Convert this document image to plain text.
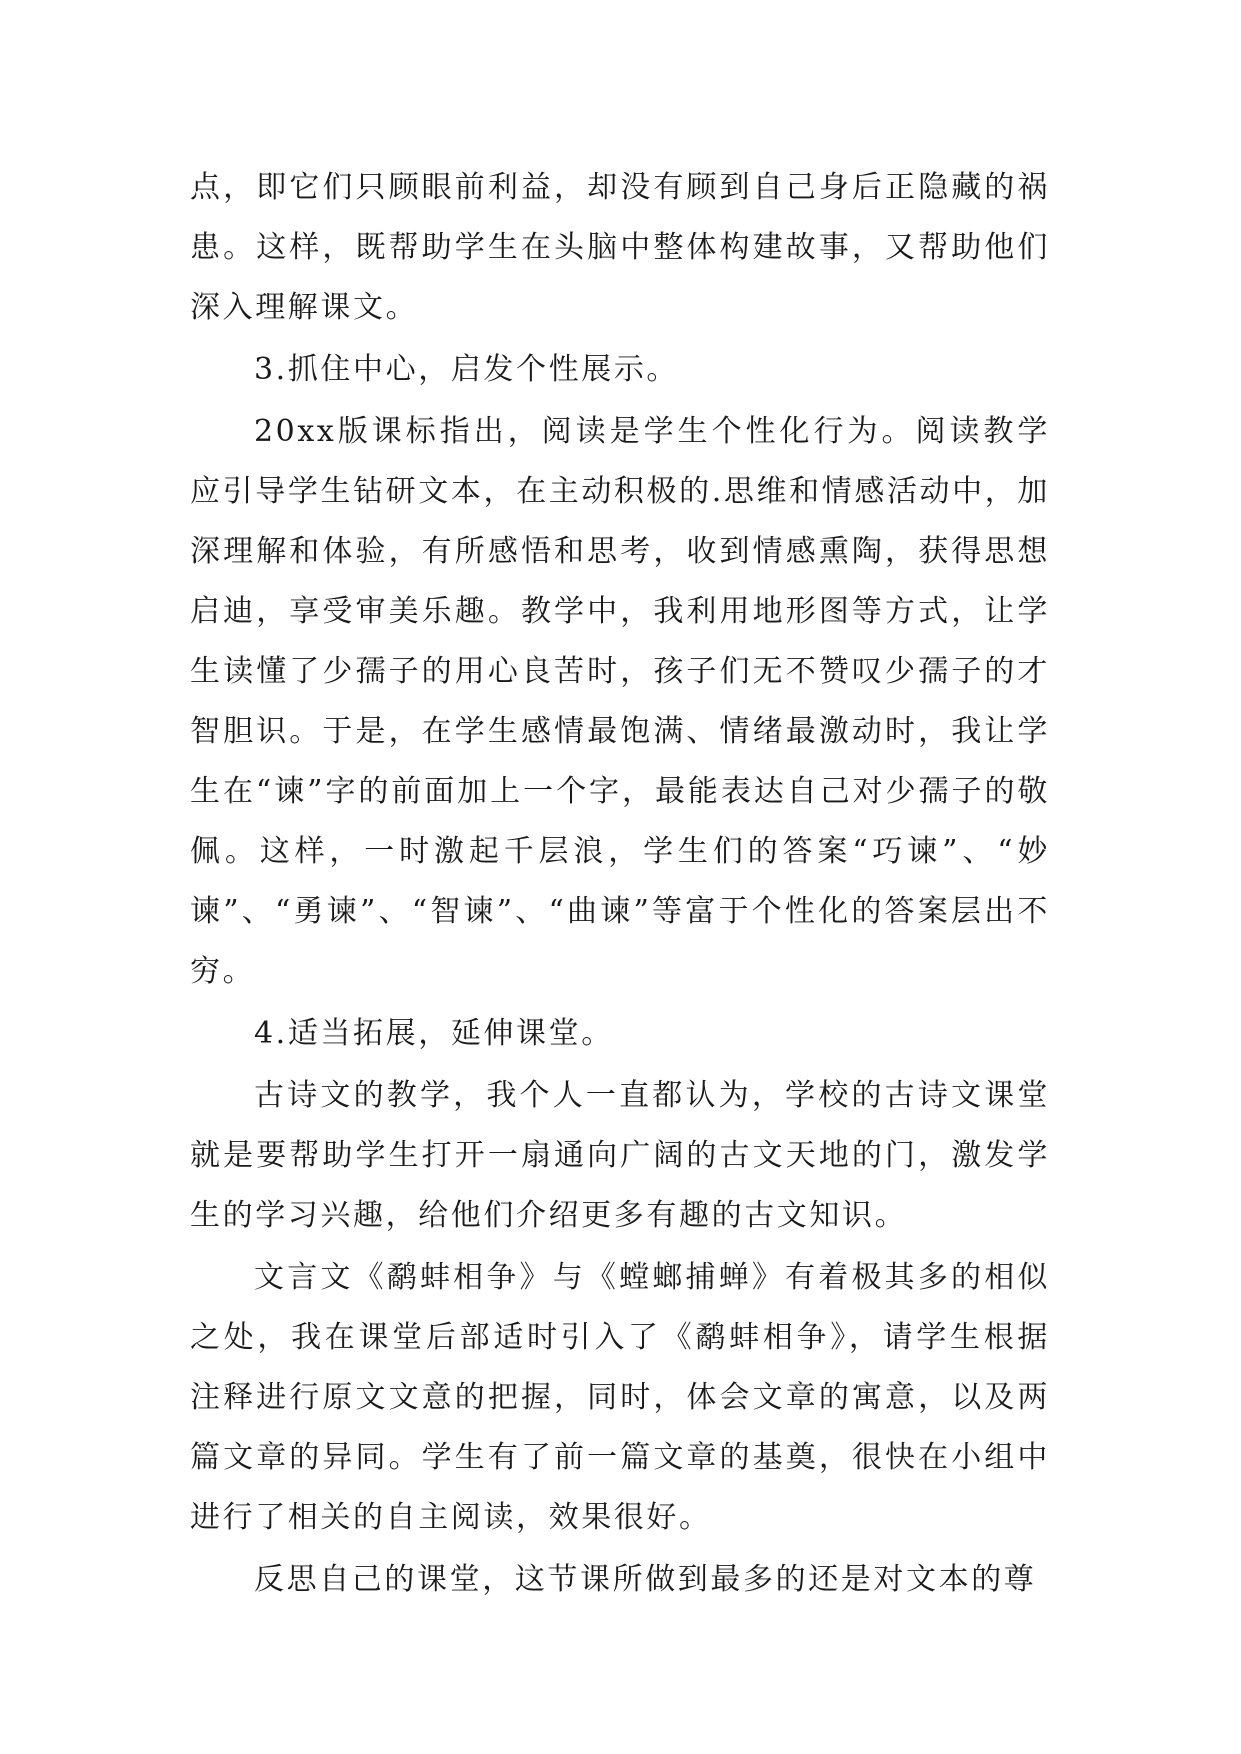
点，即它们只顾眼前利益，却没有顾到自己身后正隐藏的祸患。这样，既帮助学生在头脑中整体构建故事，又帮助他们深入理解课文。

3.抓住中心，启发个性展示。

20xx版课标指出，阅读是学生个性化行为。阅读教学应引导学生钻研文本，在主动积极的.思维和情感活动中，加深理解和体验，有所感悟和思考，收到情感熏陶，获得思想启迪，享受审美乐趣。教学中，我利用地形图等方式，让学生读懂了少孺子的用心良苦时，孩子们无不赞叹少孺子的才智胆识。于是，在学生感情最饱满、情绪最激动时，我让学生在“谏”字的前面加上一个字，最能表达自己对少孺子的敬佩。这样，一时激起千层浪，学生们的答案“巧谏”、“妙谏”、“勇谏”、“智谏”、“曲谏”等富于个性化的答案层出不穷。

4.适当拓展，延伸课堂。

古诗文的教学，我个人一直都认为，学校的古诗文课堂就是要帮助学生打开一扇通向广阔的古文天地的门，激发学生的学习兴趣，给他们介绍更多有趣的古文知识。

文言文《鹬蚌相争》与《螳螂捕蝉》有着极其多的相似之处，我在课堂后部适时引入了《鹬蚌相争》，请学生根据注释进行原文文意的把握，同时，体会文章的寓意，以及两篇文章的异同。学生有了前一篇文章的基奠，很快在小组中进行了相关的自主阅读，效果很好。

反思自己的课堂，这节课所做到最多的还是对文本的尊
